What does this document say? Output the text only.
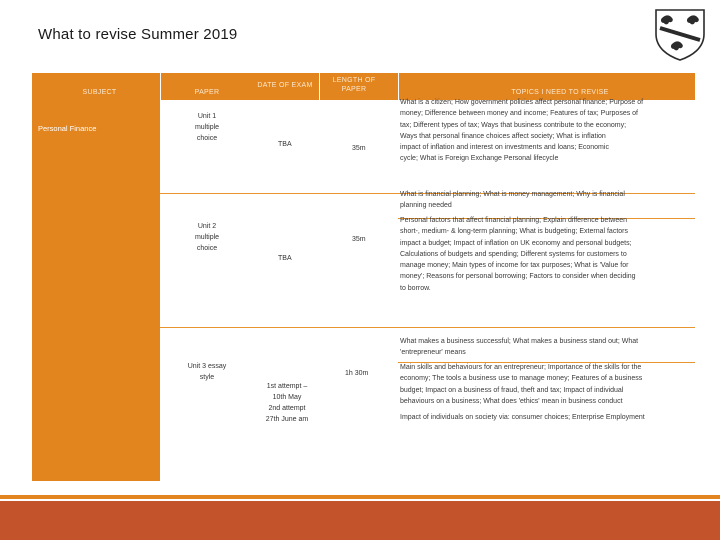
What to revise Summer 2019
SUBJECT	PAPER
DATE OF EXAM
LENGTH OF
PAPER	TOPICS I NEED TO REVISE
Personal Finance
Unit 1
multiple
choice
TBA
35m
What is a citizen; How government policies affect personal finance; Purpose of
money; Difference between money and income; Features of tax; Purposes of
tax; Different types of tax; Ways that business contribute to the economy;
Ways that personal finance choices affect society; What is inflation
impact of inflation and interest on investments and loans; Economic
cycle; What is Foreign Exchange Personal lifecycle
Unit 2
multiple
choice
TBA
35m
What is financial planning; What is money management; Why is financial
planning needed
Personal factors that affect financial planning; Explain difference between
short-, medium- & long-term planning; What is budgeting; External factors
impact a budget; Impact of inflation on UK economy and personal budgets;
Calculations of budgets and spending; Different systems for customers to
manage money; Main types of income for tax purposes; What is 'Value for
money'; Reasons for personal borrowing; Factors to consider when deciding
to borrow.
Unit 3 essay
style
1st attempt –
10th May
2nd attempt
27th June am
1h 30m
What makes a business successful; What makes a business stand out; What
'entrepreneur' means
Main skills and behaviours for an entrepreneur; Importance of the skills for the
economy; The tools a business use to manage money; Features of a business
budget; Impact on a business of fraud, theft and tax; Impact of individual
behaviours on a business; What does 'ethics' mean in business conduct
Impact of individuals on society via: consumer choices; Enterprise Employment
